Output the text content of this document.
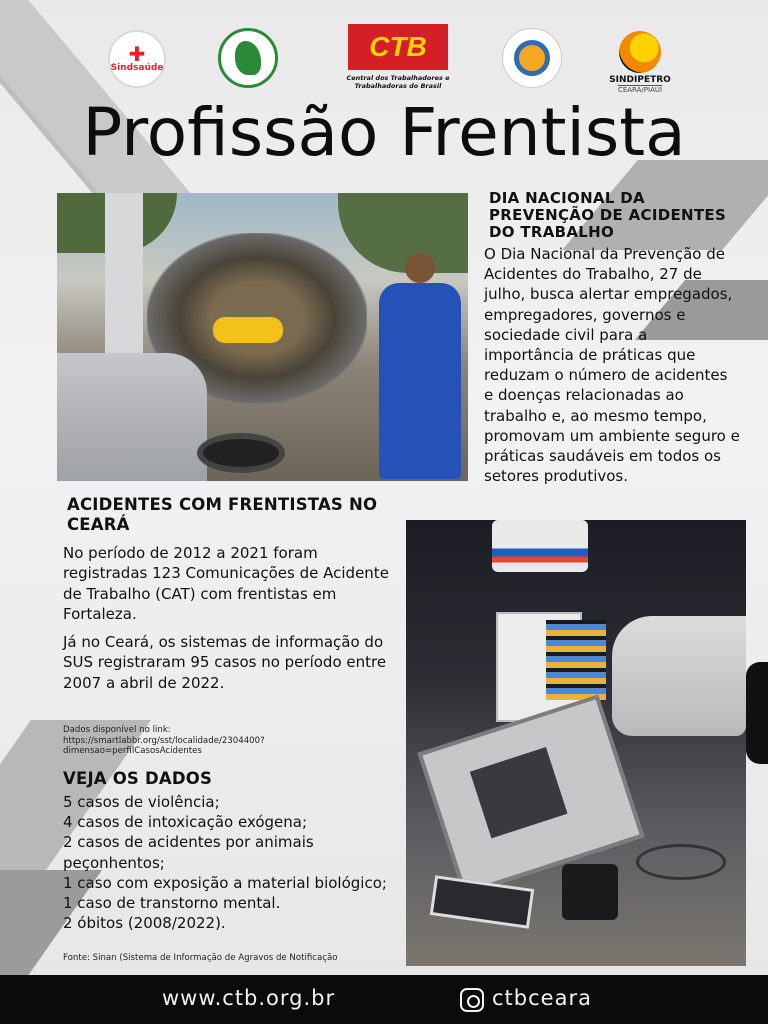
✚
Sindsaúde
CTB
Central dos Trabalhadores e Trabalhadoras do Brasil
SINDIPETRO
CEARÁ/PIAUÍ
Profissão Frentista
DIA NACIONAL DA PREVENÇÃO DE ACIDENTES DO TRABALHO

O Dia Nacional da Prevenção de Acidentes do Trabalho, 27 de julho, busca alertar empregados, empregadores, governos e sociedade civil para a importância de práticas que reduzam o número de acidentes e doenças relacionadas ao trabalho e, ao mesmo tempo, promovam um ambiente seguro e práticas saudáveis em todos os setores produtivos.

ACIDENTES COM FRENTISTAS NO CEARÁ

No período de 2012 a 2021 foram registradas 123 Comunicações de Acidente de Trabalho (CAT) com frentistas em Fortaleza.

Já no Ceará, os sistemas de informação do SUS registraram 95 casos no período entre 2007 a abril de 2022.

Dados disponível no link: https://smartlabbr.org/sst/localidade/2304400?dimensao=perfilCasosAcidentes

VEJA OS DADOS
5 casos de violência;
4 casos de intoxicação exógena;
2 casos de acidentes por animais peçonhentos;
1 caso com exposição a material biológico;
1 caso de transtorno mental.
2 óbitos (2008/2022).

Fonte: Sinan (Sistema de Informação de Agravos de Notificação

www.ctb.org.br	ctbceara
